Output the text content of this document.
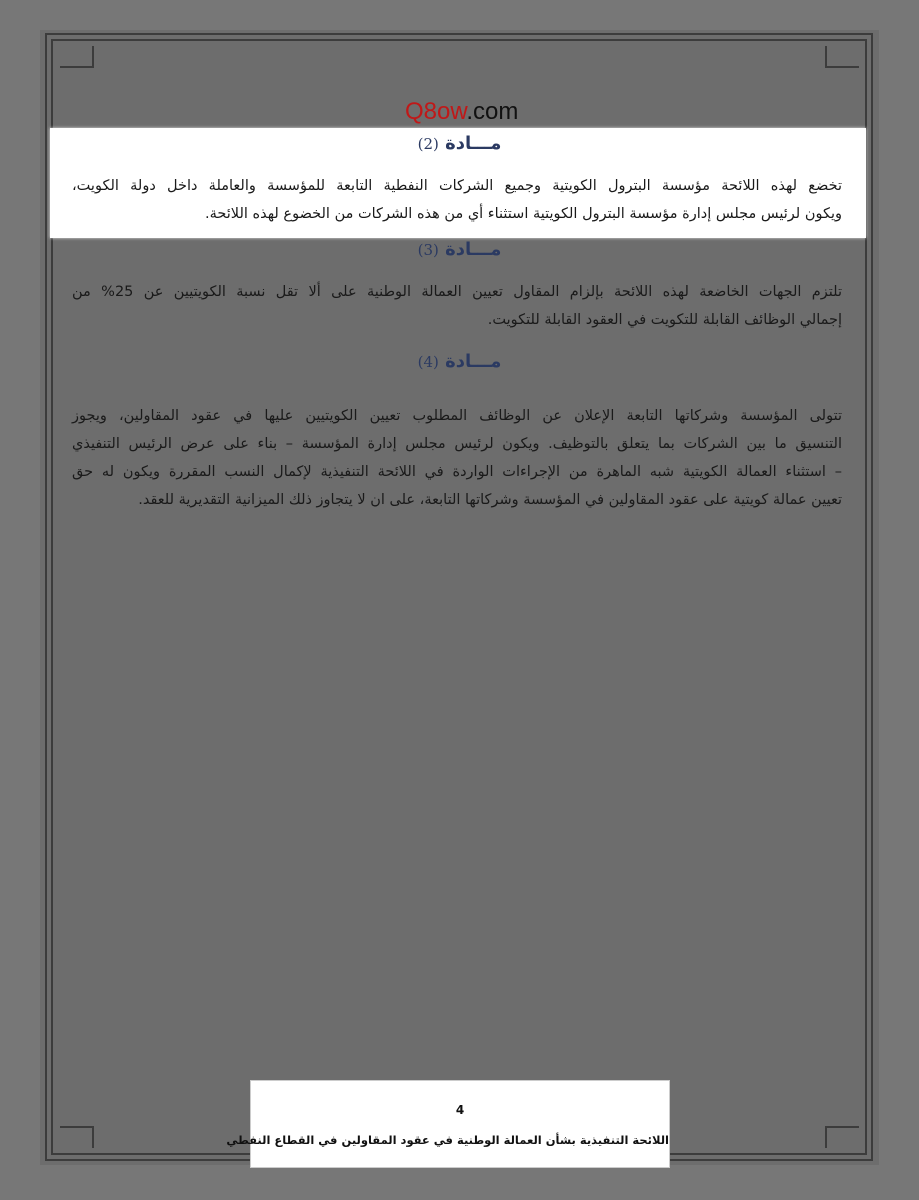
Q8ow.com
مـــادة (2)
تخضع لهذه اللائحة مؤسسة البترول الكويتية وجميع الشركات النفطية التابعة للمؤسسة والعاملة داخل دولة الكويت،
ويكون لرئيس مجلس إدارة مؤسسة البترول الكويتية استثناء أي من هذه الشركات من الخضوع لهذه اللائحة.
مـــادة (3)
تلتزم الجهات الخاضعة لهذه اللائحة بإلزام المقاول تعيين العمالة الوطنية على ألا تقل نسبة الكويتيين عن 25% من
إجمالي الوظائف القابلة للتكويت في العقود القابلة للتكويت.
مـــادة (4)
تتولى المؤسسة وشركاتها التابعة الإعلان عن الوظائف المطلوب تعيين الكويتيين عليها في عقود المقاولين، ويجوز
التنسيق ما بين الشركات بما يتعلق بالتوظيف. ويكون لرئيس مجلس إدارة المؤسسة – بناء على عرض الرئيس التنفيذي
– استثناء العمالة الكويتية شبه الماهرة من الإجراءات الواردة في اللائحة التنفيذية لإكمال النسب المقررة ويكون له حق
تعيين عمالة كويتية على عقود المقاولين في المؤسسة وشركاتها التابعة، على ان لا يتجاوز ذلك الميزانية التقديرية للعقد.
4
اللائحة التنفيذية بشأن العمالة الوطنية في عقود المقاولين في القطاع النفطي
